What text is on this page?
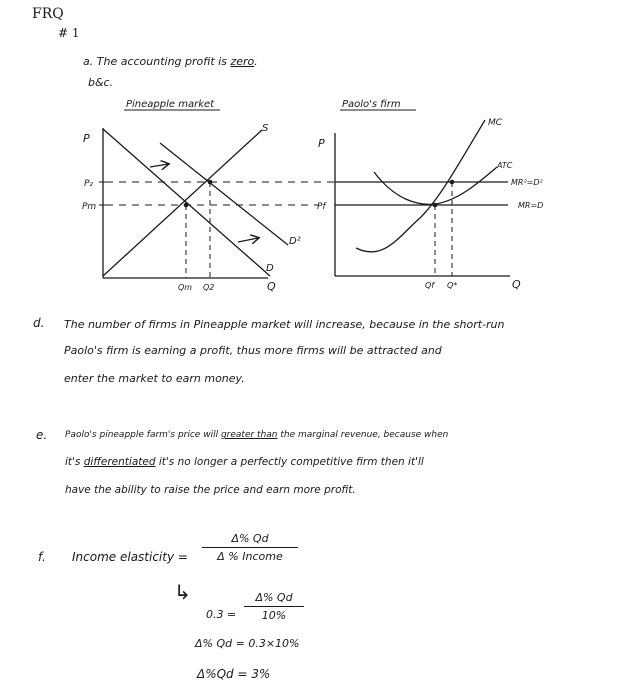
FRQ
# 1
a. The accounting profit is zero.
b&c.
Pineapple market
P
Q
S
D
D²
P₂
Pm
Qm Q2
Paolo's firm
P
Q
MC
ATC
MR²=D²
MR=D
Pf
Qf Q*
d. The number of firms in Pineapple market will increase, because in the short-run
Paolo's firm is earning a profit, thus more firms will be attracted and
enter the market to earn money.
e. Paolo's pineapple farm's price will greater than the marginal revenue, because when
it's differentiated it's no longer a perfectly competitive firm then it'll
have the ability to raise the price and earn more profit.
f. Income elasticity =
Δ% Qd
Δ % Income
↳
0.3 =
Δ% Qd
10%
Δ% Qd = 0.3×10%
Δ%Qd = 3%
